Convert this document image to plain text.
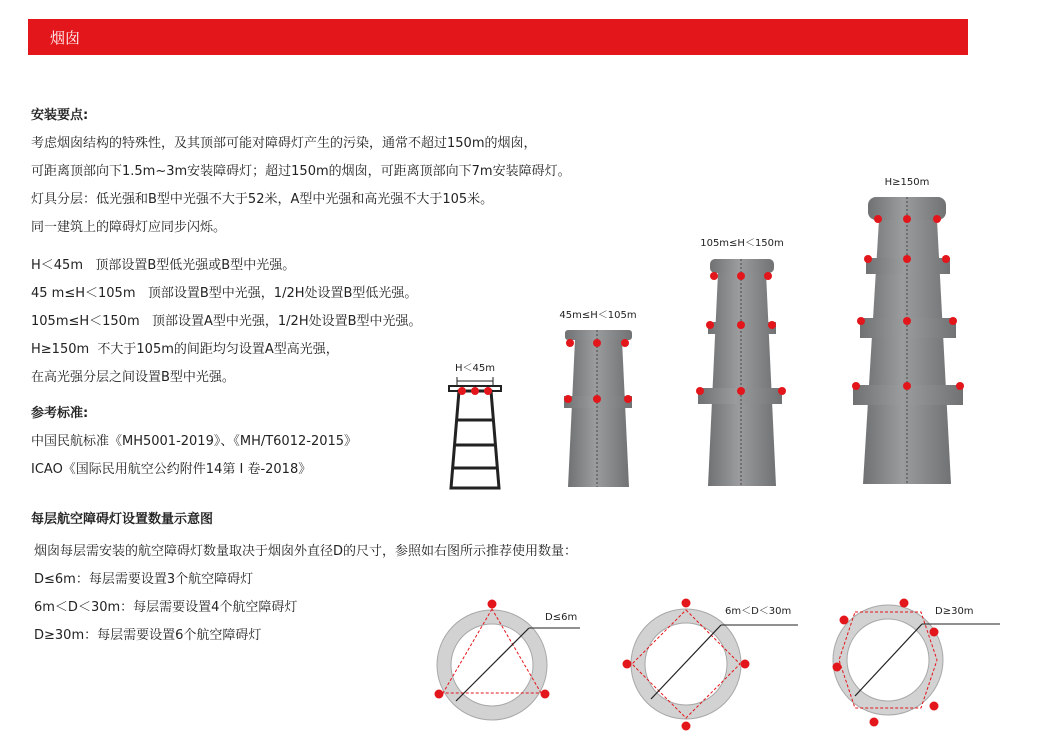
烟囱
安装要点:
考虑烟囱结构的特殊性，及其顶部可能对障碍灯产生的污染，通常不超过150m的烟囱，
可距离顶部向下1.5m~3m安装障碍灯；超过150m的烟囱，可距离顶部向下7m安装障碍灯。
灯具分层：低光强和B型中光强不大于52米，A型中光强和高光强不大于105米。
同一建筑上的障碍灯应同步闪烁。
H＜45m   顶部设置B型低光强或B型中光强。
45 m≤H＜105m   顶部设置B型中光强，1/2H处设置B型低光强。
105m≤H＜150m   顶部设置A型中光强，1/2H处设置B型中光强。
H≥150m  不大于105m的间距均匀设置A型高光强，
在高光强分层之间设置B型中光强。
参考标准:
中国民航标准《MH5001-2019》、《MH/T6012-2015》
ICAO《国际民用航空公约附件14第 Ⅰ 卷-2018》
每层航空障碍灯设置数量示意图
烟囱每层需安装的航空障碍灯数量取决于烟囱外直径D的尺寸，参照如右图所示推荐使用数量：
D≤6m：每层需要设置3个航空障碍灯
6m＜D＜30m：每层需要设置4个航空障碍灯
D≥30m：每层需要设置6个航空障碍灯
H＜45m
45m≤H＜105m
105m≤H＜150m
H≥150m
D≤6m
6m＜D＜30m	D≥30m
